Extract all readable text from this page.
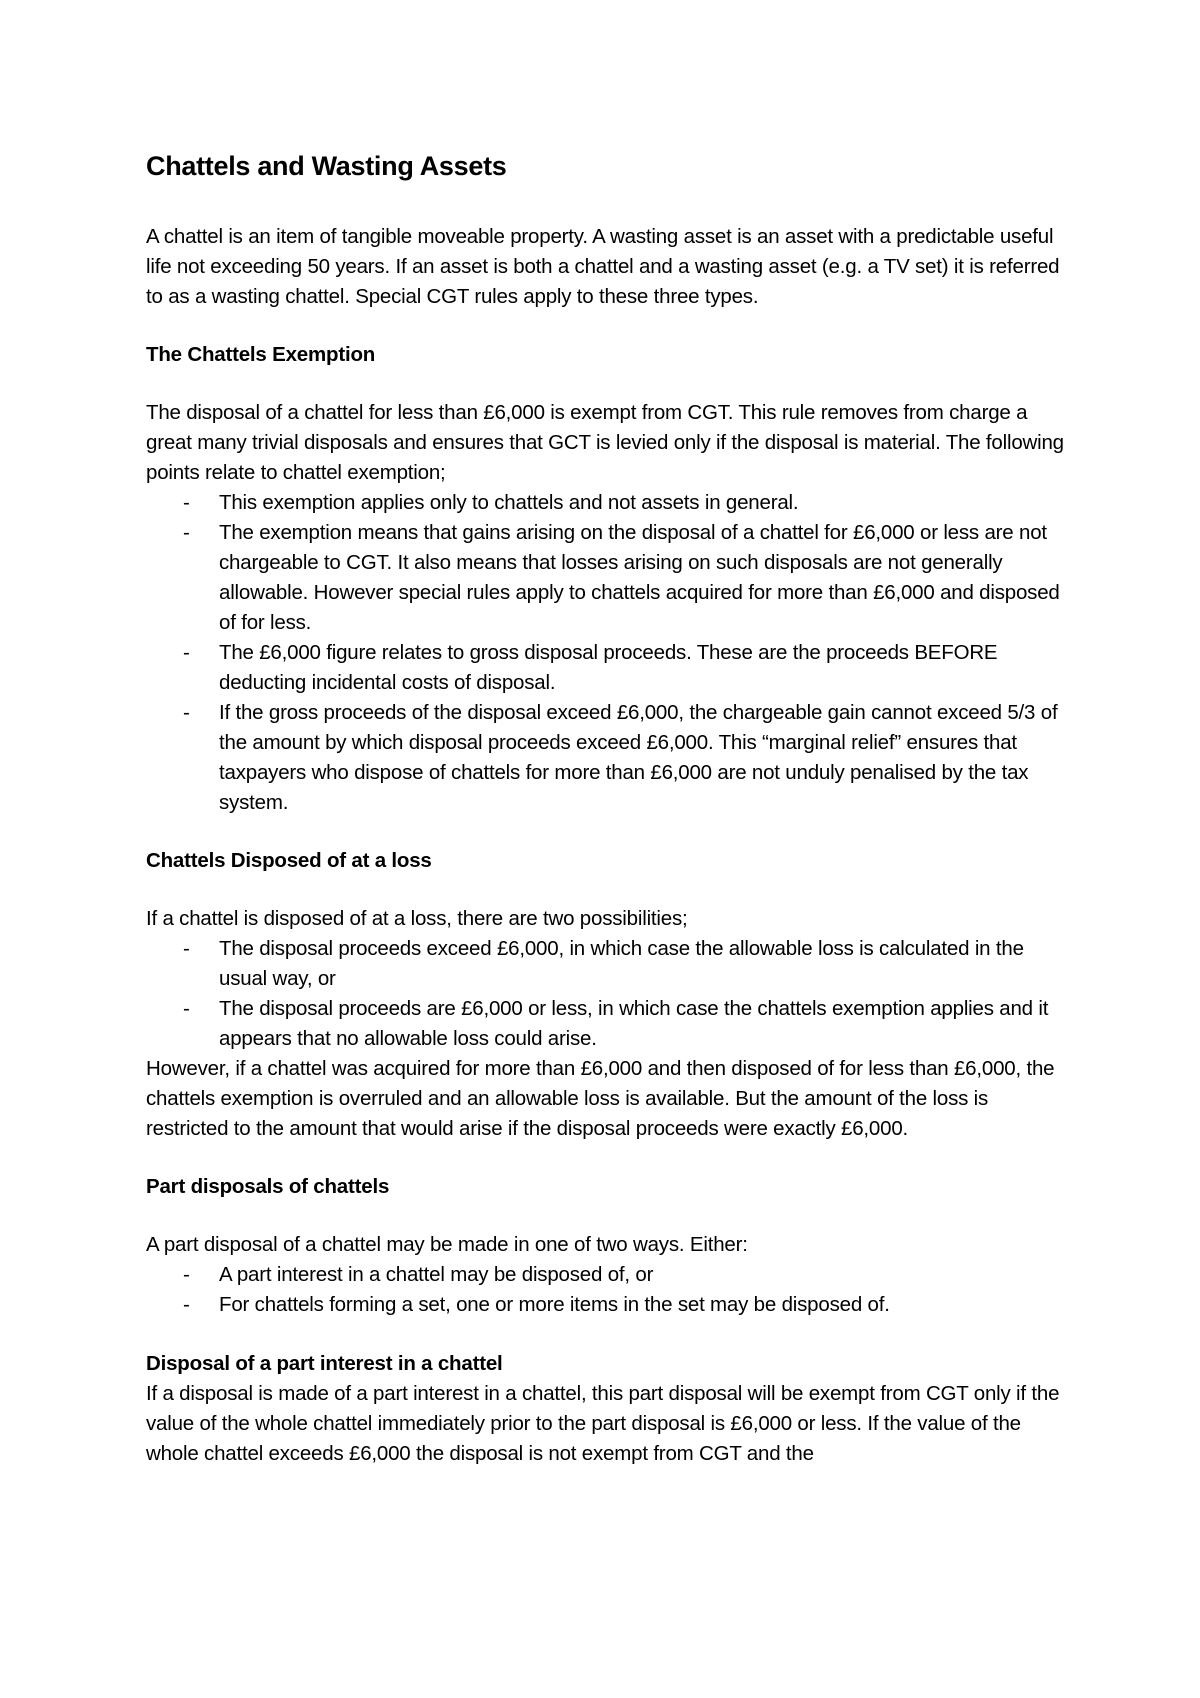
Chattels and Wasting Assets

A chattel is an item of tangible moveable property. A wasting asset is an asset with a predictable useful life not exceeding 50 years. If an asset is both a chattel and a wasting asset (e.g. a TV set) it is referred to as a wasting chattel. Special CGT rules apply to these three types.

The Chattels Exemption

The disposal of a chattel for less than £6,000 is exempt from CGT. This rule removes from charge a great many trivial disposals and ensures that GCT is levied only if the disposal is material. The following points relate to chattel exemption;

- This exemption applies only to chattels and not assets in general.
- The exemption means that gains arising on the disposal of a chattel for £6,000 or less are not chargeable to CGT. It also means that losses arising on such disposals are not generally allowable. However special rules apply to chattels acquired for more than £6,000 and disposed of for less.
- The £6,000 figure relates to gross disposal proceeds. These are the proceeds BEFORE deducting incidental costs of disposal.
- If the gross proceeds of the disposal exceed £6,000, the chargeable gain cannot exceed 5/3 of the amount by which disposal proceeds exceed £6,000. This “marginal relief” ensures that taxpayers who dispose of chattels for more than £6,000 are not unduly penalised by the tax system.

Chattels Disposed of at a loss

If a chattel is disposed of at a loss, there are two possibilities;

- The disposal proceeds exceed £6,000, in which case the allowable loss is calculated in the usual way, or
- The disposal proceeds are £6,000 or less, in which case the chattels exemption applies and it appears that no allowable loss could arise.

However, if a chattel was acquired for more than £6,000 and then disposed of for less than £6,000, the chattels exemption is overruled and an allowable loss is available. But the amount of the loss is restricted to the amount that would arise if the disposal proceeds were exactly £6,000.

Part disposals of chattels

A part disposal of a chattel may be made in one of two ways. Either:

- A part interest in a chattel may be disposed of, or
- For chattels forming a set, one or more items in the set may be disposed of.

Disposal of a part interest in a chattel

If a disposal is made of a part interest in a chattel, this part disposal will be exempt from CGT only if the value of the whole chattel immediately prior to the part disposal is £6,000 or less. If the value of the whole chattel exceeds £6,000 the disposal is not exempt from CGT and the
